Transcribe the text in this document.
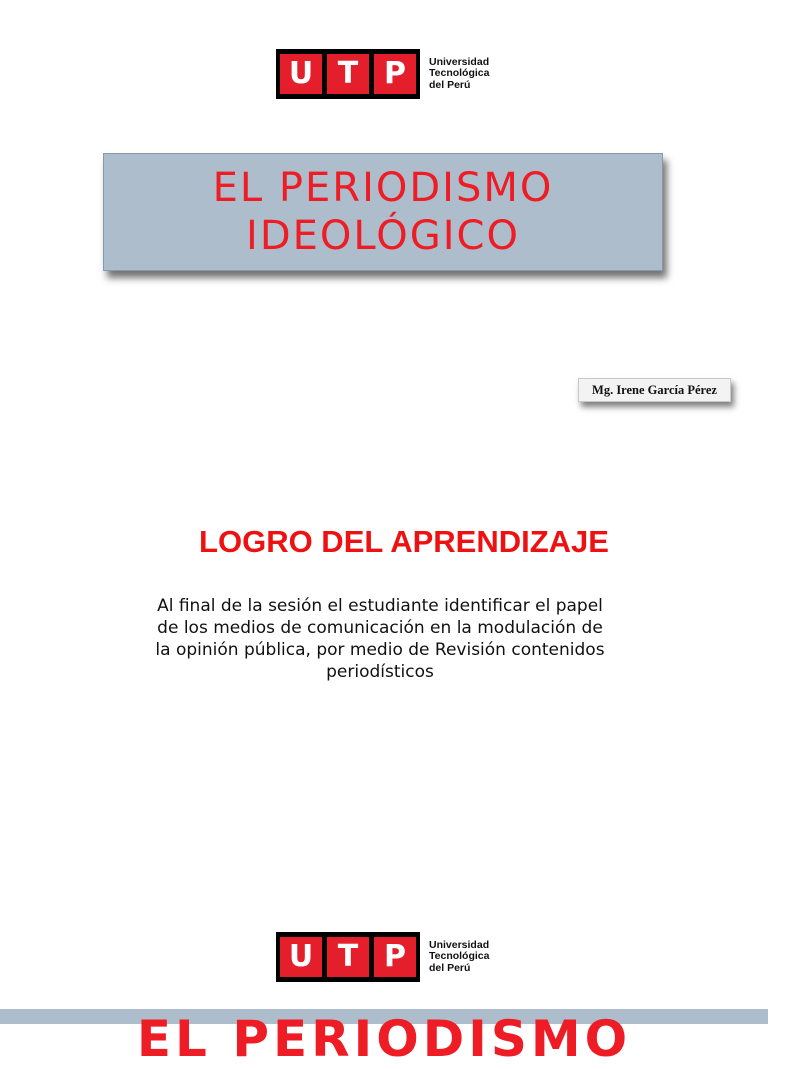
U T P	Universidad
Tecnológica
del Perú
EL PERIODISMO
IDEOLÓGICO
Mg. Irene García Pérez
LOGRO DEL APRENDIZAJE
Al final de la sesión el estudiante identificar el papel
de los medios de comunicación en la modulación de
la opinión pública, por medio de Revisión contenidos
periodísticos
U T P	Universidad
Tecnológica
del Perú
EL PERIODISMO
